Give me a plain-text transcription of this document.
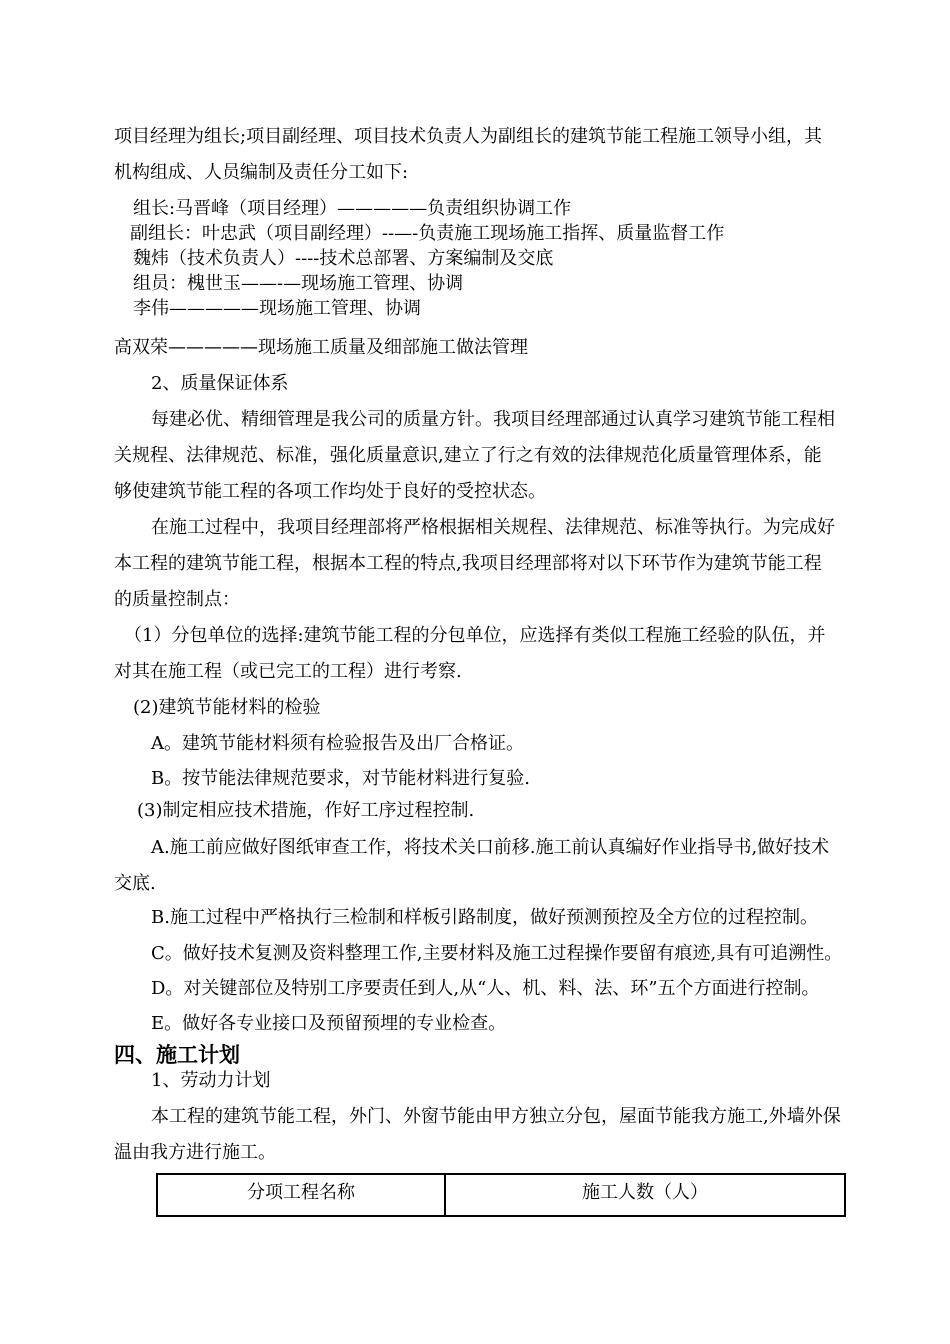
项目经理为组长;项目副经理、项目技术负责人为副组长的建筑节能工程施工领导小组，其
机构组成、人员编制及责任分工如下:
组长:马晋峰（项目经理）—————负责组织协调工作
副组长：叶忠武（项目副经理）--—-负责施工现场施工指挥、质量监督工作
魏炜（技术负责人）----技术总部署、方案编制及交底
组员：槐世玉——-—现场施工管理、协调
李伟—————现场施工管理、协调
高双荣—————现场施工质量及细部施工做法管理
2、质量保证体系
每建必优、精细管理是我公司的质量方针。我项目经理部通过认真学习建筑节能工程相
关规程、法律规范、标准，强化质量意识,建立了行之有效的法律规范化质量管理体系，能
够使建筑节能工程的各项工作均处于良好的受控状态。
在施工过程中，我项目经理部将严格根据相关规程、法律规范、标准等执行。为完成好
本工程的建筑节能工程，根据本工程的特点,我项目经理部将对以下环节作为建筑节能工程
的质量控制点：
（1）分包单位的选择:建筑节能工程的分包单位，应选择有类似工程施工经验的队伍，并
对其在施工程（或已完工的工程）进行考察.
(2)建筑节能材料的检验
A。建筑节能材料须有检验报告及出厂合格证。
B。按节能法律规范要求，对节能材料进行复验.
(3)制定相应技术措施，作好工序过程控制.
A.施工前应做好图纸审查工作，将技术关口前移.施工前认真编好作业指导书,做好技术
交底.
B.施工过程中严格执行三检制和样板引路制度，做好预测预控及全方位的过程控制。
C。做好技术复测及资料整理工作,主要材料及施工过程操作要留有痕迹,具有可追溯性。
D。对关键部位及特别工序要责任到人,从“人、机、料、法、环”五个方面进行控制。
E。做好各专业接口及预留预埋的专业检查。
四、施工计划
1、劳动力计划
本工程的建筑节能工程，外门、外窗节能由甲方独立分包，屋面节能我方施工,外墙外保
温由我方进行施工。
分项工程名称	施工人数（人）
